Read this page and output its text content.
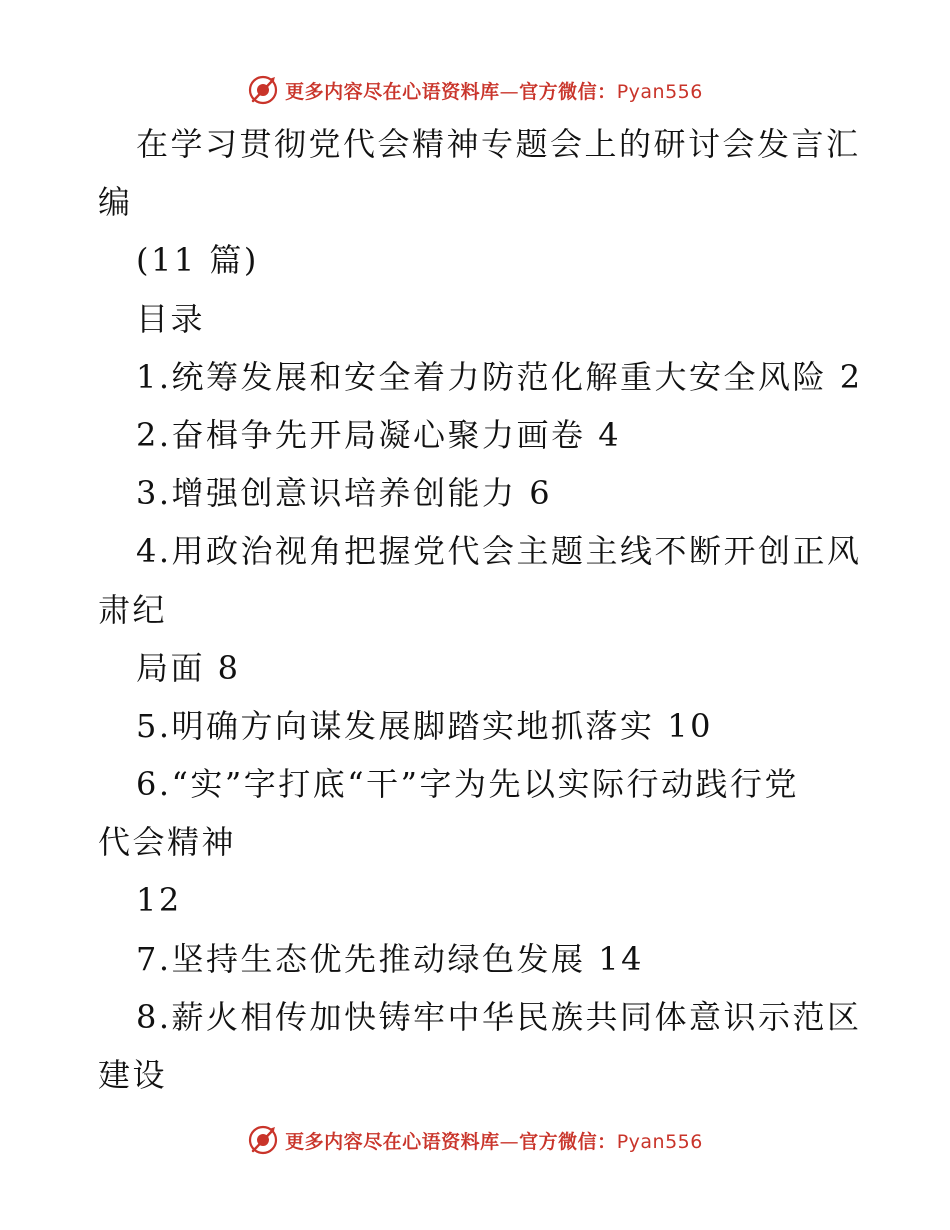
更多内容尽在心语资料库—官方微信：Pyan556
在学习贯彻党代会精神专题会上的研讨会发言汇
编
(11 篇)
目录
1.统筹发展和安全着力防范化解重大安全风险 2
2.奋楫争先开局凝心聚力画卷 4
3.增强创意识培养创能力 6
4.用政治视角把握党代会主题主线不断开创正风
肃纪
局面 8
5.明确方向谋发展脚踏实地抓落实 10
6.“实”字打底“干”字为先以实际行动践行党
代会精神
12
7.坚持生态优先推动绿色发展 14
8.薪火相传加快铸牢中华民族共同体意识示范区
建设
更多内容尽在心语资料库—官方微信：Pyan556
